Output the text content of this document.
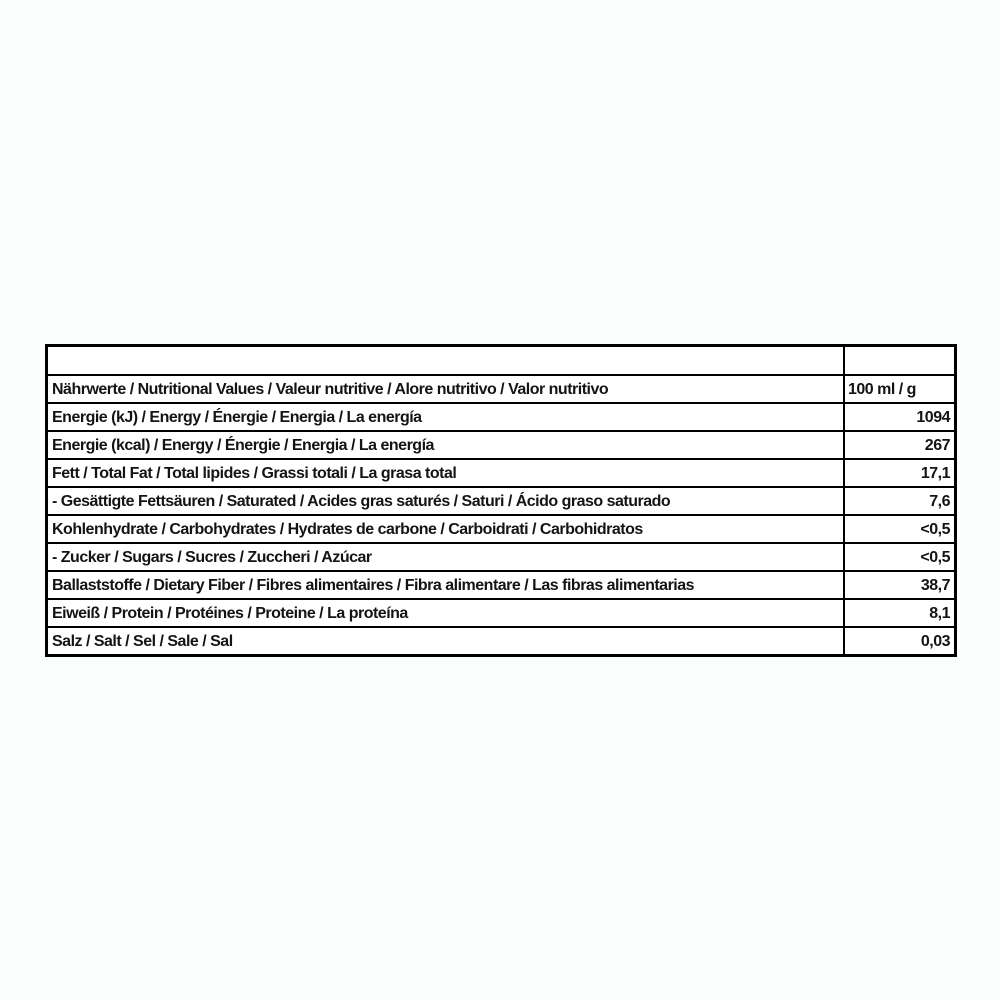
Nährwerte / Nutritional Values / Valeur nutritive / Alore nutritivo / Valor nutritivo	100 ml / g
Energie (kJ) / Energy / Énergie / Energia / La energía	1094
Energie (kcal) / Energy / Énergie / Energia / La energía	267
Fett / Total Fat / Total lipides / Grassi totali / La grasa total	17,1
- Gesättigte Fettsäuren / Saturated / Acides gras saturés / Saturi / Ácido graso saturado	7,6
Kohlenhydrate / Carbohydrates / Hydrates de carbone / Carboidrati / Carbohidratos	<0,5
- Zucker / Sugars / Sucres / Zuccheri / Azúcar	<0,5
Ballaststoffe / Dietary Fiber / Fibres alimentaires / Fibra alimentare / Las fibras alimentarias	38,7
Eiweiß / Protein / Protéines / Proteine / La proteína	8,1
Salz / Salt / Sel / Sale / Sal	0,03
